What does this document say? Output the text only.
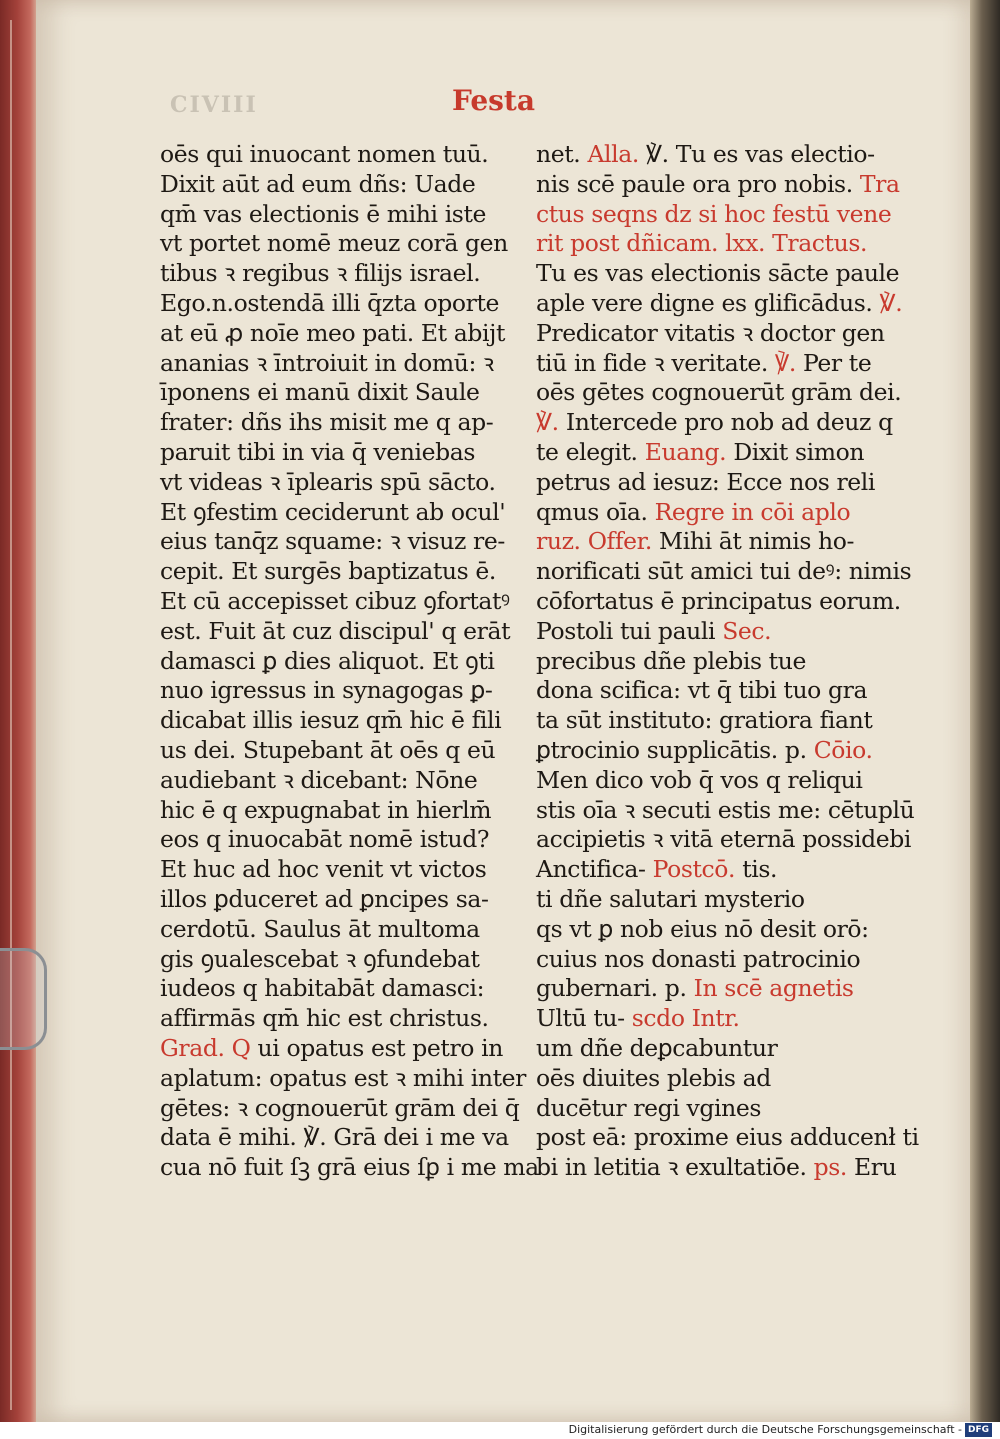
CIVIII	Festa
oēs qui inuocant nomen tuū.
Dixit aūt ad eum dñs: Uade
qm̄ vas electionis ē mihi iste
vt portet nomē meuz corā gen
tibus ꝛ regibus ꝛ filijs israel.
Ego.n.ostendā illi q̄zta oporte
at eū ꝓ noīe meo pati. Et abijt
ananias ꝛ īntroiuit in domū: ꝛ
īponens ei manū dixit Saule
frater: dñs ihs misit me q ap-
paruit tibi in via q̄ veniebas
vt videas ꝛ īplearis spū sācto.
Et ꝯfestim ceciderunt ab ocul'
eius tanq̄z squame: ꝛ visuz re-
cepit. Et surgēs baptizatus ē.
Et cū accepisset cibuz ꝯfortatꝰ
est. Fuit āt cuz discipul' q erāt
damasci ꝑ dies aliquot. Et ꝯti
nuo igressus in synagogas ꝑ-
dicabat illis iesuz qm̄ hic ē fili
us dei. Stupebant āt oēs q eū
audiebant ꝛ dicebant: Nōne
hic ē q expugnabat in hierlm̄
eos q inuocabāt nomē istud?
Et huc ad hoc venit vt victos
illos ꝑduceret ad ꝑncipes sa-
cerdotū. Saulus āt multoma
gis ꝯualescebat ꝛ ꝯfundebat
iudeos q habitabāt damasci:
affirmās qm̄ hic est christus.
Grad. Q ui opatus est petro in
aplatum: opatus est ꝛ mihi inter
gētes: ꝛ cognouerūt grām dei q̄
data ē mihi. ℣. Grā dei i me va
cua nō fuit ſꝫ grā eius ſꝑ i me ma
net. Alla. ℣. Tu es vas electio-
nis scē paule ora pro nobis. Tra
ctus seqns dz si hoc festū vene
rit post dñicam. lxx. Tractus.
Tu es vas electionis sācte paule
aple vere digne es glificādus. ℣.
Predicator vitatis ꝛ doctor gen
tiū in fide ꝛ veritate. ℣. Per te
oēs gētes cognouerūt grām dei.
℣. Intercede pro nob ad deuz q
te elegit. Euang. Dixit simon
petrus ad iesuz: Ecce nos reli
qmus oīa. Regre in cōi aplo
ruz. Offer. Mihi āt nimis ho-
norificati sūt amici tui deꝰ: nimis
cōfortatus ē principatus eorum.
Postoli tui pauli Sec.
precibus dñe plebis tue
dona scifica: vt q̄ tibi tuo gra
ta sūt instituto: gratiora fiant
ꝑtrocinio supplicātis. p. Cōio.
Men dico vob q̄ vos q reliqui
stis oīa ꝛ secuti estis me: cētuplū
accipietis ꝛ vitā eternā possidebi
Anctifica- Postcō. tis.
ti dñe salutari mysterio
qs vt ꝑ nob eius nō desit orō:
cuius nos donasti patrocinio
gubernari. p. In scē agnetis
Ultū tu- scdo Intr.
um dñe deꝑcabuntur
oēs diuites plebis ad
ducētur regi vgines
post eā: proxime eius adducenł ti
bi in letitia ꝛ exultatiōe. ps. Eru
Digitalisierung gefördert durch die Deutsche Forschungsgemeinschaft - DFG
